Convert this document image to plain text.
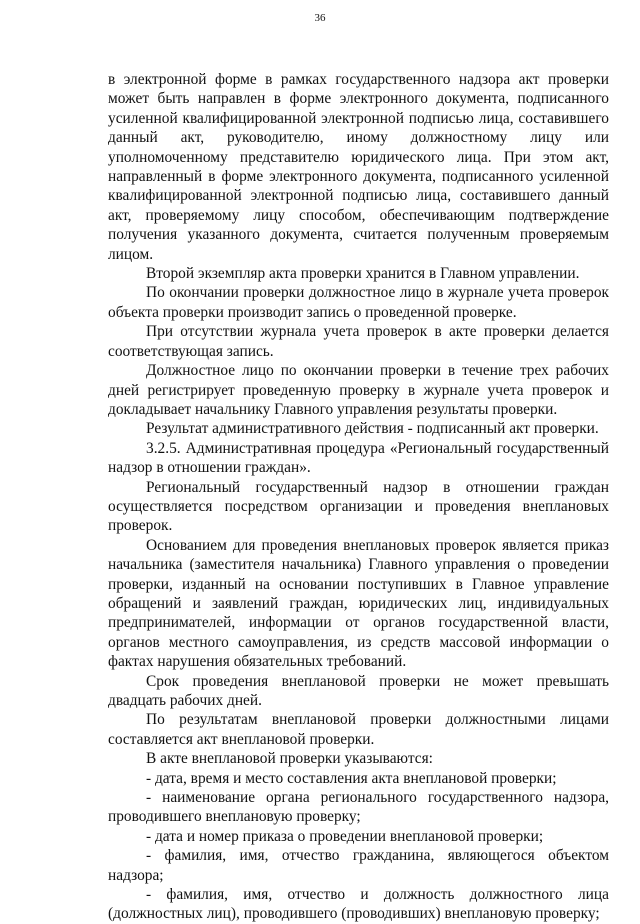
36

в электронной форме в рамках государственного надзора акт проверки может быть направлен в форме электронного документа, подписанного усиленной квалифицированной электронной подписью лица, составившего данный акт, руководителю, иному должностному лицу или уполномоченному представителю юридического лица. При этом акт, направленный в форме электронного документа, подписанного усиленной квалифицированной электронной подписью лица, составившего данный акт, проверяемому лицу способом, обеспечивающим подтверждение получения указанного документа, считается полученным проверяемым лицом.

Второй экземпляр акта проверки хранится в Главном управлении.

По окончании проверки должностное лицо в журнале учета проверок объекта проверки производит запись о проведенной проверке.

При отсутствии журнала учета проверок в акте проверки делается соответствующая запись.

Должностное лицо по окончании проверки в течение трех рабочих дней регистрирует проведенную проверку в журнале учета проверок и докладывает начальнику Главного управления результаты проверки.

Результат административного действия - подписанный акт проверки.

3.2.5. Административная процедура «Региональный государственный надзор в отношении граждан».

Региональный государственный надзор в отношении граждан осуществляется посредством организации и проведения внеплановых проверок.

Основанием для проведения внеплановых проверок является приказ начальника (заместителя начальника) Главного управления о проведении проверки, изданный на основании поступивших в Главное управление обращений и заявлений граждан, юридических лиц, индивидуальных предпринимателей, информации от органов государственной власти, органов местного самоуправления, из средств массовой информации о фактах нарушения обязательных требований.

Срок проведения внеплановой проверки не может превышать двадцать рабочих дней.

По результатам внеплановой проверки должностными лицами составляется акт внеплановой проверки.

В акте внеплановой проверки указываются:

- дата, время и место составления акта внеплановой проверки;

- наименование органа регионального государственного надзора, проводившего внеплановую проверку;

- дата и номер приказа о проведении внеплановой проверки;

- фамилия, имя, отчество гражданина, являющегося объектом надзора;

- фамилия, имя, отчество и должность должностного лица (должностных лиц), проводившего (проводивших) внеплановую проверку;
